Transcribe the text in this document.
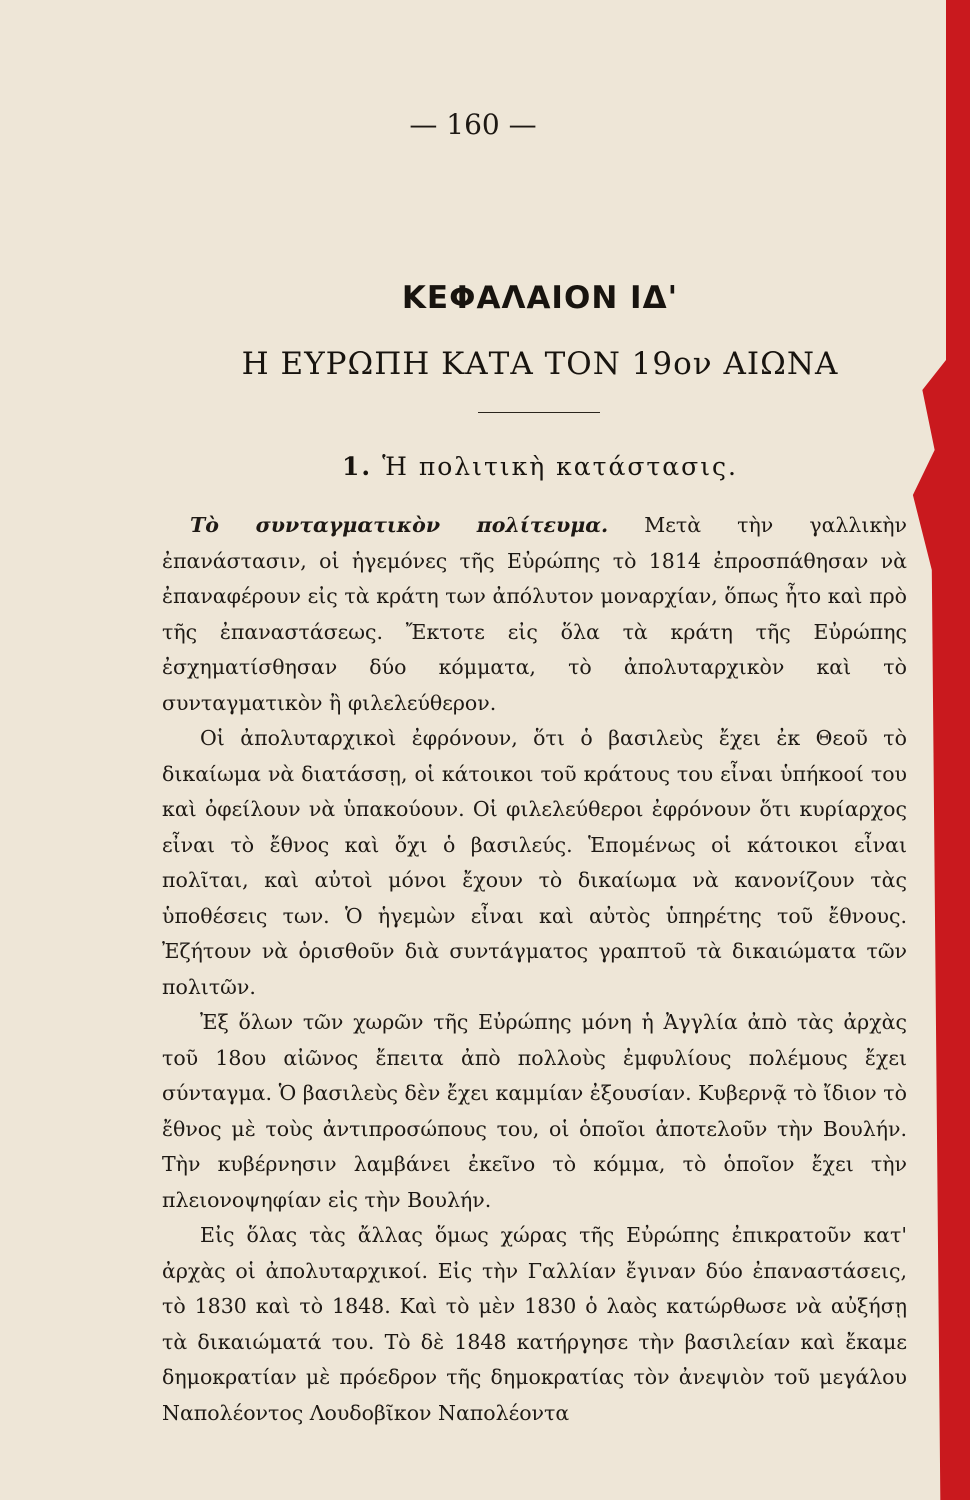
— 160 —
ΚΕΦΑΛΑΙΟΝ ΙΔ'
Η ΕΥΡΩΠΗ ΚΑΤΑ ΤΟΝ 19ον ΑΙΩΝΑ
1. Ἡ πολιτικὴ κατάστασις.

Τὸ συνταγματικὸν πολίτευμα. Μετὰ τὴν γαλλικὴν ἐπανάστασιν, οἱ ἡγεμόνες τῆς Εὐρώπης τὸ 1814 ἐπροσπάθησαν νὰ ἐπαναφέρουν εἰς τὰ κράτη των ἀπόλυτον μοναρχίαν, ὅπως ἦτο καὶ πρὸ τῆς ἐπαναστάσεως. Ἔκτοτε εἰς ὅλα τὰ κράτη τῆς Εὐρώπης ἐσχηματίσθησαν δύο κόμματα, τὸ ἀπολυταρχικὸν καὶ τὸ συνταγματικὸν ἢ φιλελεύθερον.

Οἱ ἀπολυταρχικοὶ ἐφρόνουν, ὅτι ὁ βασιλεὺς ἔχει ἐκ Θεοῦ τὸ δικαίωμα νὰ διατάσσῃ, οἱ κάτοικοι τοῦ κράτους του εἶναι ὑπήκοοί του καὶ ὀφείλουν νὰ ὑπακούουν. Οἱ φιλελεύθεροι ἐφρόνουν ὅτι κυρίαρχος εἶναι τὸ ἔθνος καὶ ὄχι ὁ βασιλεύς. Ἑπομένως οἱ κάτοικοι εἶναι πολῖται, καὶ αὐτοὶ μόνοι ἔχουν τὸ δικαίωμα νὰ κανονίζουν τὰς ὑποθέσεις των. Ὁ ἡγεμὼν εἶναι καὶ αὐτὸς ὑπηρέτης τοῦ ἔθνους. Ἐζήτουν νὰ ὁρισθοῦν διὰ συντάγματος γραπτοῦ τὰ δικαιώματα τῶν πολιτῶν.

Ἐξ ὅλων τῶν χωρῶν τῆς Εὐρώπης μόνη ἡ Ἀγγλία ἀπὸ τὰς ἀρχὰς τοῦ 18ου αἰῶνος ἔπειτα ἀπὸ πολλοὺς ἐμφυλίους πολέμους ἔχει σύνταγμα. Ὁ βασιλεὺς δὲν ἔχει καμμίαν ἐξουσίαν. Κυβερνᾷ τὸ ἴδιον τὸ ἔθνος μὲ τοὺς ἀντιπροσώπους του, οἱ ὁποῖοι ἀποτελοῦν τὴν Βουλήν. Τὴν κυβέρνησιν λαμβάνει ἐκεῖνο τὸ κόμμα, τὸ ὁποῖον ἔχει τὴν πλειονοψηφίαν εἰς τὴν Βουλήν.

Εἰς ὅλας τὰς ἄλλας ὅμως χώρας τῆς Εὐρώπης ἐπικρατοῦν κατ' ἀρχὰς οἱ ἀπολυταρχικοί. Εἰς τὴν Γαλλίαν ἔγιναν δύο ἐπαναστάσεις, τὸ 1830 καὶ τὸ 1848. Καὶ τὸ μὲν 1830 ὁ λαὸς κατώρθωσε νὰ αὐξήσῃ τὰ δικαιώματά του. Τὸ δὲ 1848 κατήργησε τὴν βασιλείαν καὶ ἔκαμε δημοκρατίαν μὲ πρόεδρον τῆς δημοκρατίας τὸν ἀνεψιὸν τοῦ μεγάλου Ναπολέοντος Λουδοβῖκον Ναπολέοντα
